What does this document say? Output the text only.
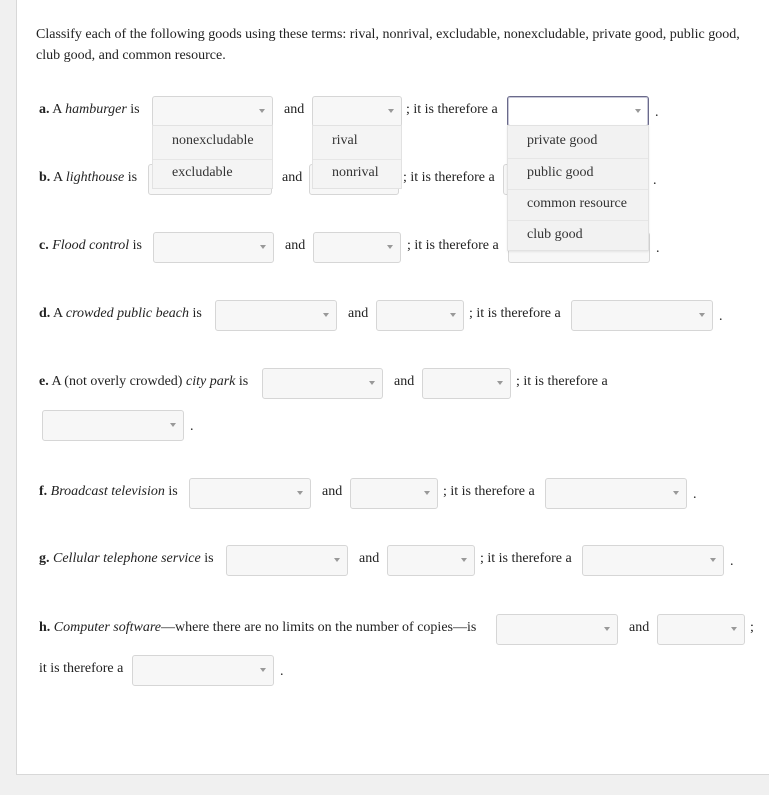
Classify each of the following goods using these terms: rival, nonrival, excludable, nonexcludable, private good, public good, club good, and common resource.

a. A hamburger is	and	; it is therefore a	.
b. A lighthouse is	and	; it is therefore a	.
c. Flood control is	and	; it is therefore a	.
d. A crowded public beach is	and	; it is therefore a	.
e. A (not overly crowded) city park is	and	; it is therefore a
.
f. Broadcast television is	and	; it is therefore a	.
g. Cellular telephone service is	and	; it is therefore a	.
h. Computer software—where there are no limits on the number of copies—is	and	;
it is therefore a	.
nonexcludable
excludable
rival
nonrival
private good
public good
common resource
club good
